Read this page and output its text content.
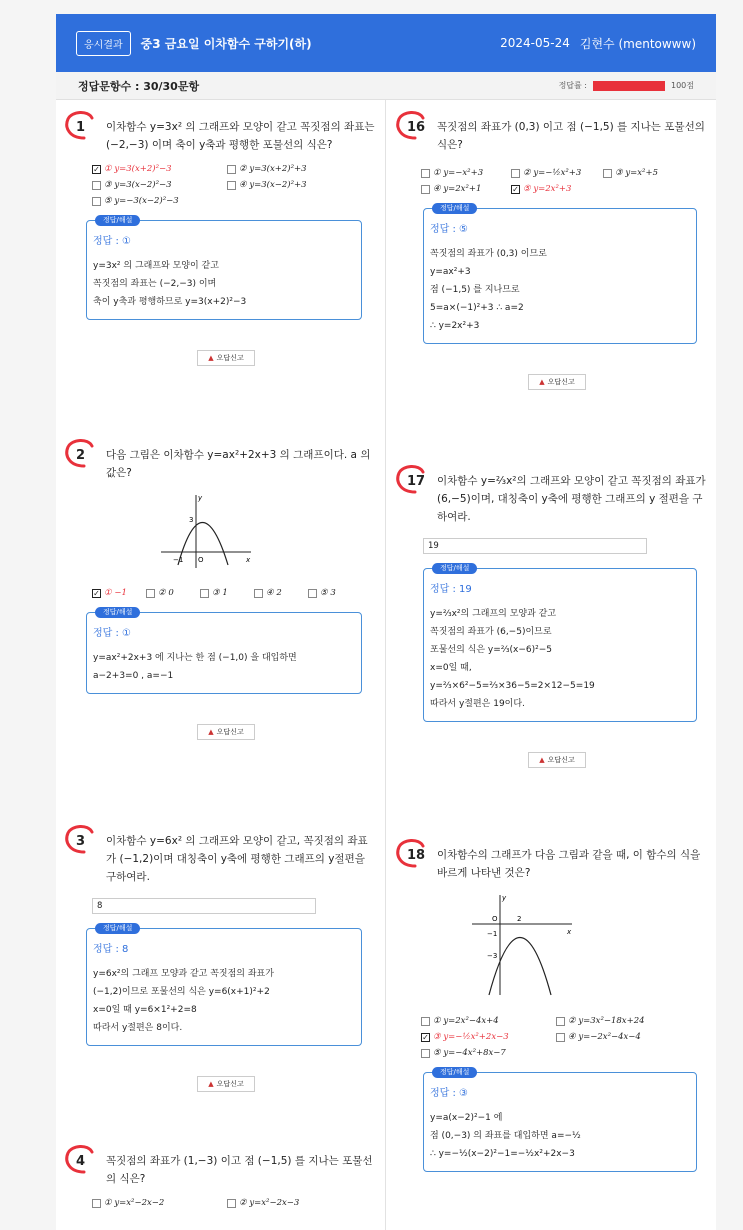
응시결과	중3 금요일 이차함수 구하기(하)	2024-05-24 김현수 (mentowww)
정답문항수 : 30/30문항	정답률 :	100점
1 이차함수 y=3x² 의 그래프와 모양이 같고 꼭짓점의 좌표는(−2,−3) 이며 축이 y축과 평행한 포물선의 식은?
✓ ① y=3(x+2)²−3	② y=3(x+2)²+3
③ y=3(x−2)²−3	④ y=3(x−2)²+3
⑤ y=−3(x−2)²−3
정답/해설
정답 : ①
y=3x² 의 그래프와 모양이 같고
꼭짓점의 좌표는 (−2,−3) 이며
축이 y축과 평행하므로 y=3(x+2)²−3
▲ 오답신고
2 다음 그림은 이차함수 y=ax²+2x+3 의 그래프이다. a 의 값은?
y
x
3
−1 O
✓ ① −1	② 0	③ 1	④ 2	⑤ 3
정답/해설
정답 : ①
y=ax²+2x+3 에 지나는 한 점 (−1,0) 을 대입하면
a−2+3=0 , a=−1
▲ 오답신고
3 이차함수 y=6x² 의 그래프와 모양이 같고, 꼭짓점의 좌표가 (−1,2)이며 대칭축이 y축에 평행한 그래프의 y절편을 구하여라.
8
정답/해설
정답 : 8
y=6x²의 그래프 모양과 같고 꼭짓점의 좌표가
(−1,2)이므로 포물선의 식은 y=6(x+1)²+2
x=0일 때 y=6×1²+2=8
따라서 y절편은 8이다.
▲ 오답신고
4 꼭짓점의 좌표가 (1,−3) 이고 점 (−1,5) 를 지나는 포물선의 식은?
① y=x²−2x−2	② y=x²−2x−3
16 꼭짓점의 좌표가 (0,3) 이고 점 (−1,5) 를 지나는 포물선의 식은?
① y=−x²+3	② y=−½x²+3	③ y=x²+5
④ y=2x²+1	✓ ⑤ y=2x²+3
정답/해설
정답 : ⑤
꼭짓점의 좌표가 (0,3) 이므로
y=ax²+3
점 (−1,5) 를 지나므로
5=a×(−1)²+3 ∴ a=2
∴ y=2x²+3
▲ 오답신고
17 이차함수 y=⅔x²의 그래프와 모양이 같고 꼭짓점의 좌표가 (6,−5)이며, 대칭축이 y축에 평행한 그래프의 y 절편을 구하여라.
19
정답/해설
정답 : 19
y=⅔x²의 그래프의 모양과 같고
꼭짓점의 좌표가 (6,−5)이므로
포물선의 식은 y=⅔(x−6)²−5
x=0일 때,
y=⅔×6²−5=⅔×36−5=2×12−5=19
따라서 y절편은 19이다.
▲ 오답신고
18 이차함수의 그래프가 다음 그림과 같을 때, 이 함수의 식을 바르게 나타낸 것은?
y
x
O	2
−1
−3
① y=2x²−4x+4	② y=3x²−18x+24
✓ ③ y=−½x²+2x−3	④ y=−2x²−4x−4
⑤ y=−4x²+8x−7
정답/해설
정답 : ③
y=a(x−2)²−1 에
점 (0,−3) 의 좌표를 대입하면 a=−½
∴ y=−½(x−2)²−1=−½x²+2x−3
